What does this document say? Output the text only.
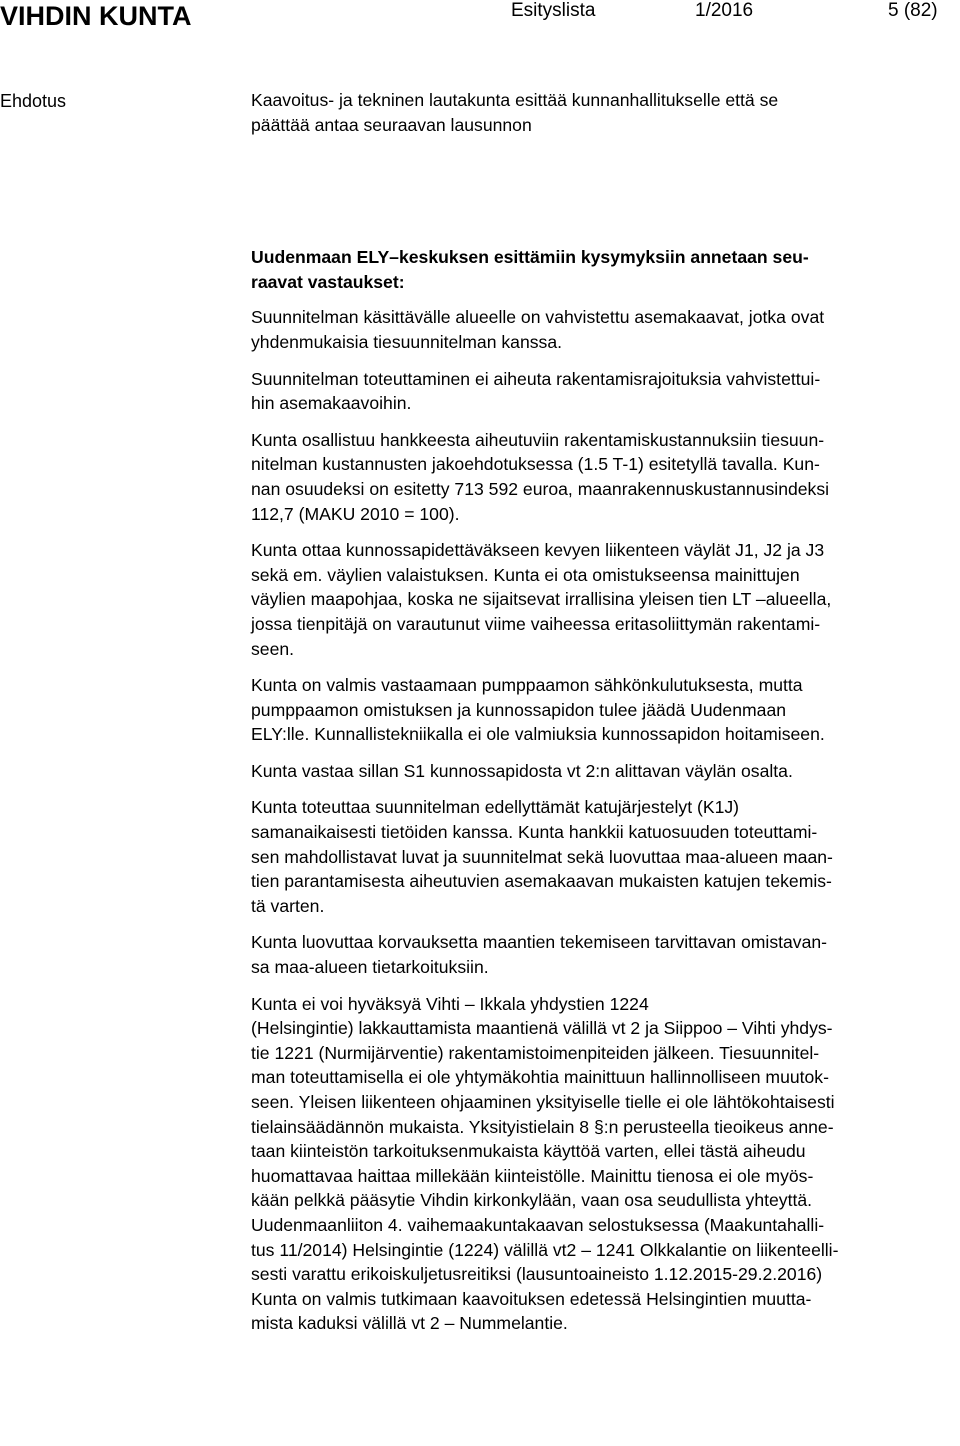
VIHDIN KUNTA	Esityslista	1/2016	5 (82)
Ehdotus	Kaavoitus- ja tekninen lautakunta esittää kunnanhallitukselle että se
päättää antaa seuraavan lausunnon

Uudenmaan ELY–keskuksen esittämiin kysymyksiin annetaan seu-
raavat vastaukset:

Suunnitelman käsittävälle alueelle on vahvistettu asemakaavat, jotka ovat
yhdenmukaisia tiesuunnitelman kanssa.

Suunnitelman toteuttaminen ei aiheuta rakentamisrajoituksia vahvistettui-
hin asemakaavoihin.

Kunta osallistuu hankkeesta aiheutuviin rakentamiskustannuksiin tiesuun-
nitelman kustannusten jakoehdotuksessa (1.5 T-1) esitetyllä tavalla. Kun-
nan osuudeksi on esitetty 713 592 euroa, maanrakennuskustannusindeksi
112,7 (MAKU 2010 = 100).

Kunta ottaa kunnossapidettäväkseen kevyen liikenteen väylät J1, J2 ja J3
sekä em. väylien valaistuksen. Kunta ei ota omistukseensa mainittujen
väylien maapohjaa, koska ne sijaitsevat irrallisina yleisen tien LT –alueella,
jossa tienpitäjä on varautunut viime vaiheessa eritasoliittymän rakentami-
seen.

Kunta on valmis vastaamaan pumppaamon sähkönkulutuksesta, mutta
pumppaamon omistuksen ja kunnossapidon tulee jäädä Uudenmaan
ELY:lle. Kunnallistekniikalla ei ole valmiuksia kunnossapidon hoitamiseen.

Kunta vastaa sillan S1 kunnossapidosta vt 2:n alittavan väylän osalta.

Kunta toteuttaa suunnitelman edellyttämät katujärjestelyt (K1J)
samanaikaisesti tietöiden kanssa. Kunta hankkii katuosuuden toteuttami-
sen mahdollistavat luvat ja suunnitelmat sekä luovuttaa maa-alueen maan-
tien parantamisesta aiheutuvien asemakaavan mukaisten katujen tekemis-
tä varten.

Kunta luovuttaa korvauksetta maantien tekemiseen tarvittavan omistavan-
sa maa-alueen tietarkoituksiin.

Kunta ei voi hyväksyä Vihti – Ikkala yhdystien 1224
(Helsingintie) lakkauttamista maantienä välillä vt 2 ja Siippoo – Vihti yhdys-
tie 1221 (Nurmijärventie) rakentamistoimenpiteiden jälkeen. Tiesuunnitel-
man toteuttamisella ei ole yhtymäkohtia mainittuun hallinnolliseen muutok-
seen. Yleisen liikenteen ohjaaminen yksityiselle tielle ei ole lähtökohtaisesti
tielainsäädännön mukaista. Yksityistielain 8 §:n perusteella tieoikeus anne-
taan kiinteistön tarkoituksenmukaista käyttöä varten, ellei tästä aiheudu
huomattavaa haittaa millekään kiinteistölle. Mainittu tienosa ei ole myös-
kään pelkkä pääsytie Vihdin kirkonkylään, vaan osa seudullista yhteyttä.
Uudenmaanliiton 4. vaihemaakuntakaavan selostuksessa (Maakuntahalli-
tus 11/2014) Helsingintie (1224) välillä vt2 – 1241 Olkkalantie on liikenteelli-
sesti varattu erikoiskuljetusreitiksi (lausuntoaineisto 1.12.2015-29.2.2016)
Kunta on valmis tutkimaan kaavoituksen edetessä Helsingintien muutta-
mista kaduksi välillä vt 2 – Nummelantie.
